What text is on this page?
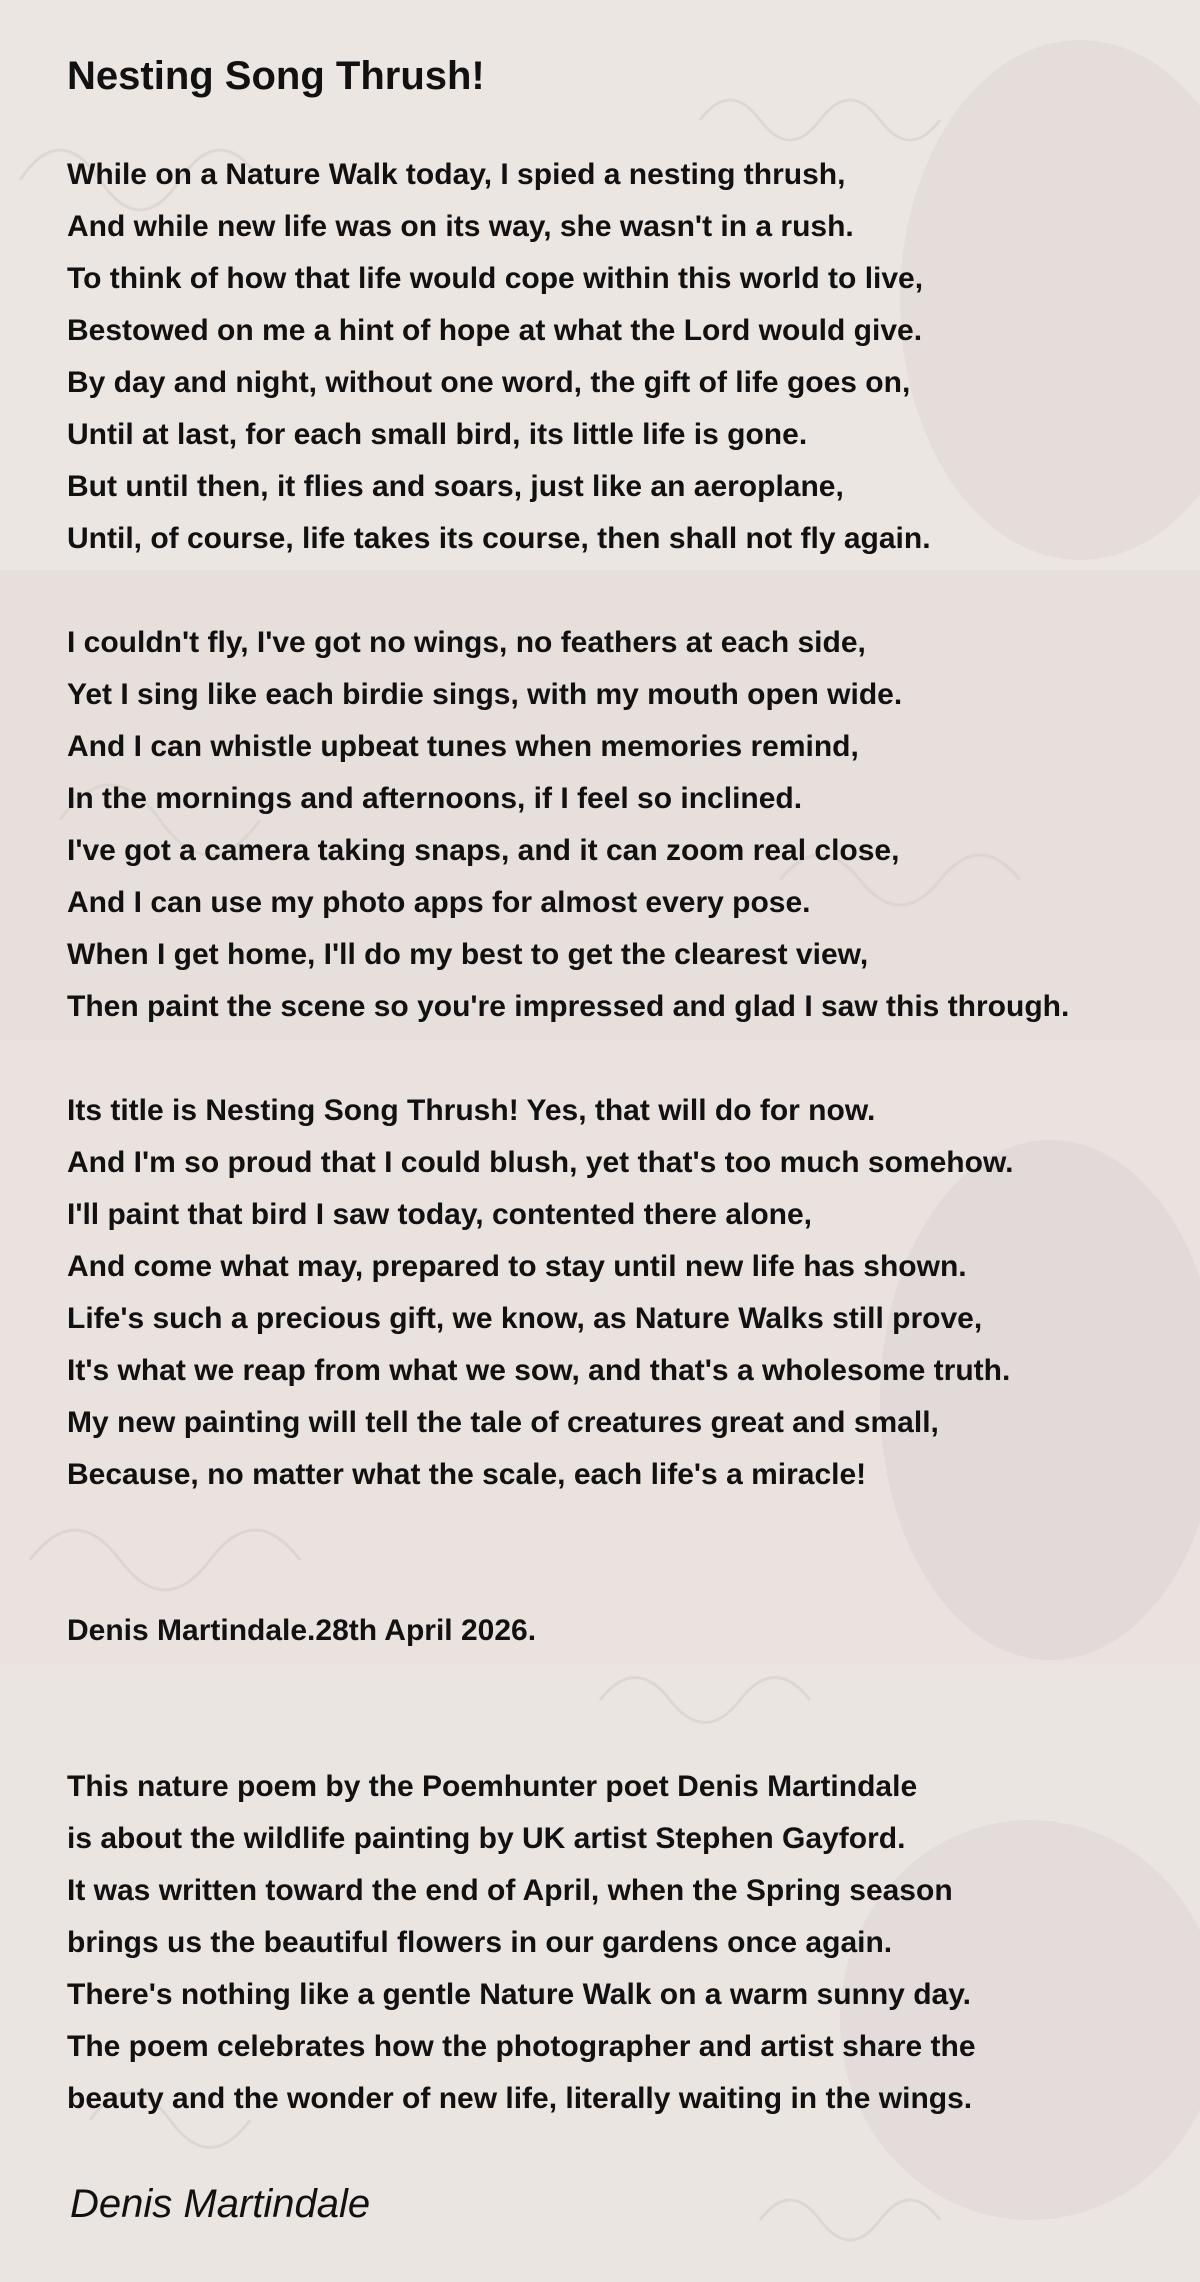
Nesting Song Thrush!
While on a Nature Walk today, I spied a nesting thrush,
And while new life was on its way, she wasn't in a rush.
To think of how that life would cope within this world to live,
Bestowed on me a hint of hope at what the Lord would give.
By day and night, without one word, the gift of life goes on,
Until at last, for each small bird, its little life is gone.
But until then, it flies and soars, just like an aeroplane,
Until, of course, life takes its course, then shall not fly again.
I couldn't fly, I've got no wings, no feathers at each side,
Yet I sing like each birdie sings, with my mouth open wide.
And I can whistle upbeat tunes when memories remind,
In the mornings and afternoons, if I feel so inclined.
I've got a camera taking snaps, and it can zoom real close,
And I can use my photo apps for almost every pose.
When I get home, I'll do my best to get the clearest view,
Then paint the scene so you're impressed and glad I saw this through.
Its title is Nesting Song Thrush! Yes, that will do for now.
And I'm so proud that I could blush, yet that's too much somehow.
I'll paint that bird I saw today, contented there alone,
And come what may, prepared to stay until new life has shown.
Life's such a precious gift, we know, as Nature Walks still prove,
It's what we reap from what we sow, and that's a wholesome truth.
My new painting will tell the tale of creatures great and small,
Because, no matter what the scale, each life's a miracle!
Denis Martindale.28th April 2026.
This nature poem by the Poemhunter poet Denis Martindale
is about the wildlife painting by UK artist Stephen Gayford.
It was written toward the end of April, when the Spring season
brings us the beautiful flowers in our gardens once again.
There's nothing like a gentle Nature Walk on a warm sunny day.
The poem celebrates how the photographer and artist share the
beauty and the wonder of new life, literally waiting in the wings.
Denis Martindale
